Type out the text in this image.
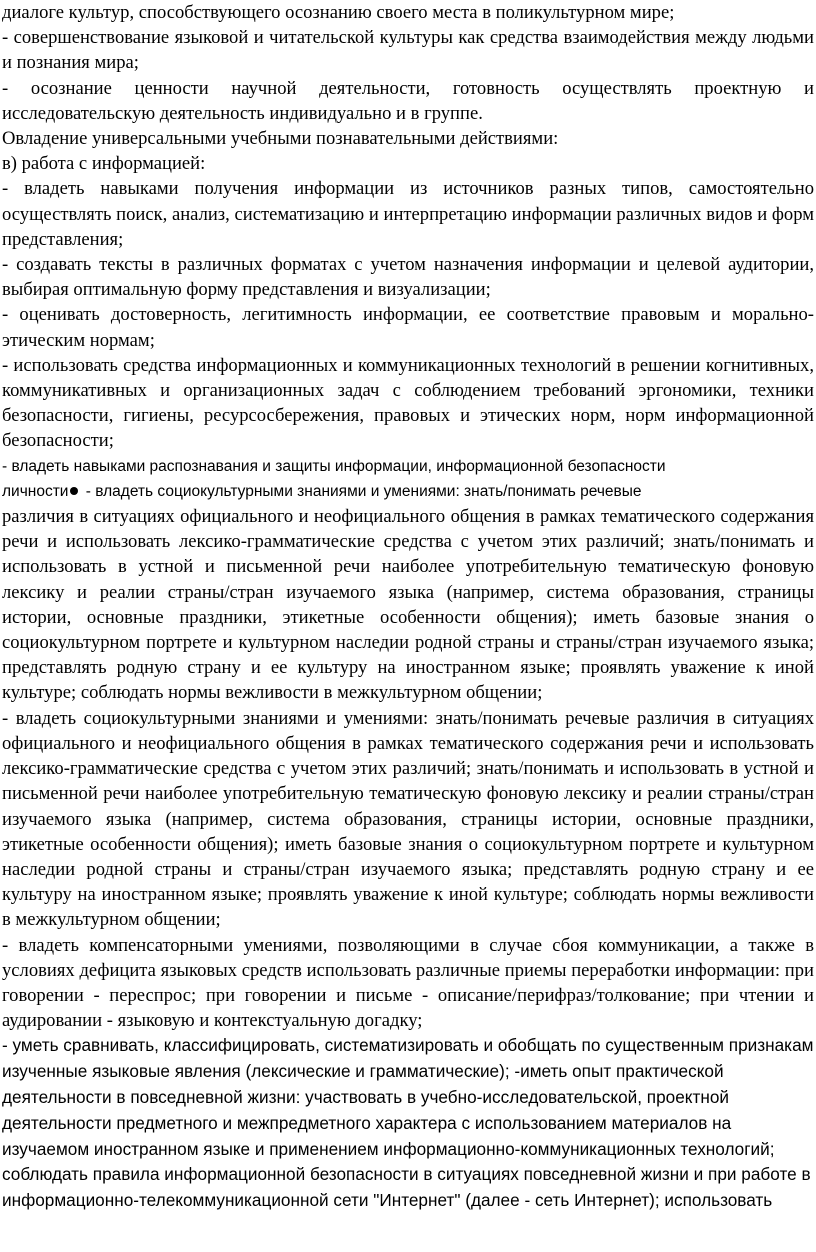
диалоге культур, способствующего осознанию своего места в поликультурном мире;

- совершенствование языковой и читательской культуры как средства взаимодействия между людьми и познания мира;

- осознание ценности научной деятельности, готовность осуществлять проектную и исследовательскую деятельность индивидуально и в группе.

Овладение универсальными учебными познавательными действиями:

в) работа с информацией:

- владеть навыками получения информации из источников разных типов, самостоятельно осуществлять поиск, анализ, систематизацию и интерпретацию информации различных видов и форм представления;

- создавать тексты в различных форматах с учетом назначения информации и целевой аудитории, выбирая оптимальную форму представления и визуализации;

- оценивать достоверность, легитимность информации, ее соответствие правовым и морально-этическим нормам;

- использовать средства информационных и коммуникационных технологий в решении когнитивных, коммуникативных и организационных задач с соблюдением требований эргономики, техники безопасности, гигиены, ресурсосбережения, правовых и этических норм, норм информационной безопасности;

- владеть навыками распознавания и защиты информации, информационной безопасности

личности - владеть социокультурными знаниями и умениями: знать/понимать речевые

различия в ситуациях официального и неофициального общения в рамках тематического содержания речи и использовать лексико-грамматические средства с учетом этих различий; знать/понимать и использовать в устной и письменной речи наиболее употребительную тематическую фоновую лексику и реалии страны/стран изучаемого языка (например, система образования, страницы истории, основные праздники, этикетные особенности общения); иметь базовые знания о социокультурном портрете и культурном наследии родной страны и страны/стран изучаемого языка; представлять родную страну и ее культуру на иностранном языке; проявлять уважение к иной культуре; соблюдать нормы вежливости в межкультурном общении;

- владеть социокультурными знаниями и умениями: знать/понимать речевые различия в ситуациях официального и неофициального общения в рамках тематического содержания речи и использовать лексико-грамматические средства с учетом этих различий; знать/понимать и использовать в устной и письменной речи наиболее употребительную тематическую фоновую лексику и реалии страны/стран изучаемого языка (например, система образования, страницы истории, основные праздники, этикетные особенности общения); иметь базовые знания о социокультурном портрете и культурном наследии родной страны и страны/стран изучаемого языка; представлять родную страну и ее культуру на иностранном языке; проявлять уважение к иной культуре; соблюдать нормы вежливости в межкультурном общении;

- владеть компенсаторными умениями, позволяющими в случае сбоя коммуникации, а также в условиях дефицита языковых средств использовать различные приемы переработки информации: при говорении - переспрос; при говорении и письме - описание/перифраз/толкование; при чтении и аудировании - языковую и контекстуальную догадку;

- уметь сравнивать, классифицировать, систематизировать и обобщать по существенным признакам изученные языковые явления (лексические и грамматические); -иметь опыт практической деятельности в повседневной жизни: участвовать в учебно-исследовательской, проектной деятельности предметного и межпредметного характера с использованием материалов на изучаемом иностранном языке и применением информационно-коммуникационных технологий; соблюдать правила информационной безопасности в ситуациях повседневной жизни и при работе в информационно-телекоммуникационной сети "Интернет" (далее - сеть Интернет); использовать
